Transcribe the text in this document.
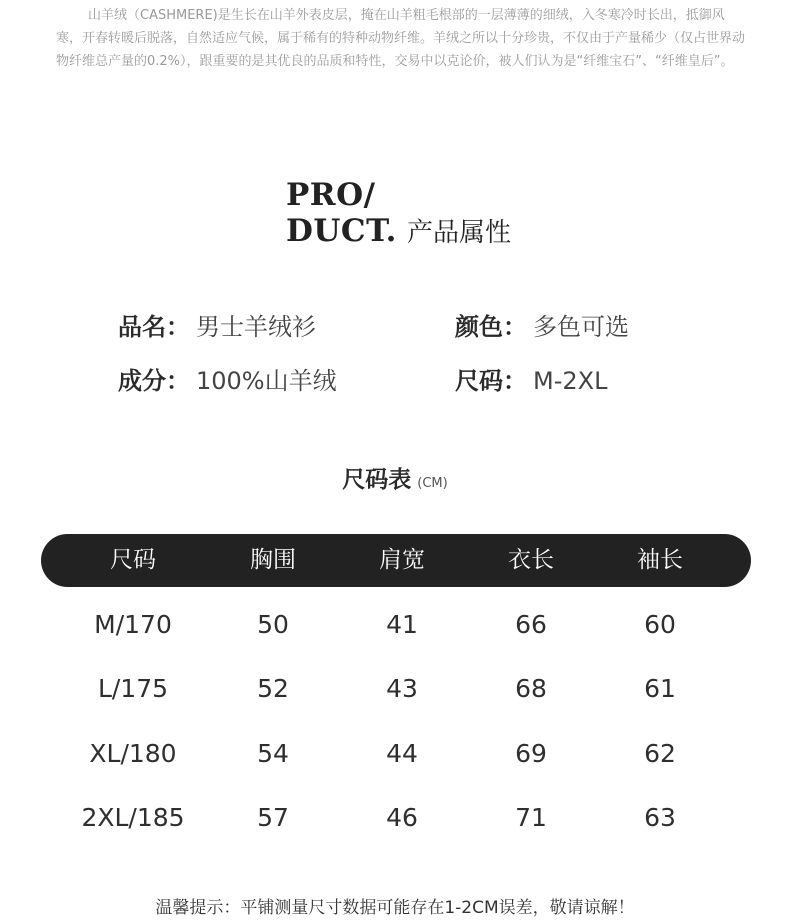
山羊绒（CASHMERE)是生长在山羊外表皮层，掩在山羊粗毛根部的一层薄薄的细绒，入冬寒冷时长出，抵御风寒，开春转暖后脱落，自然适应气候，属于稀有的特种动物纤维。羊绒之所以十分珍贵，不仅由于产量稀少（仅占世界动物纤维总产量的0.2%），跟重要的是其优良的品质和特性，交易中以克论价，被人们认为是“纤维宝石”、“纤维皇后”。

PRO/
DUCT. 产品属性
品名： 男士羊绒衫	颜色： 多色可选
成分： 100%山羊绒	尺码： M-2XL
尺码表 (CM)
尺码	胸围	肩宽	衣长	袖长
M/170	50	41	66	60
L/175	52	43	68	61
XL/180	54	44	69	62
2XL/185	57	46	71	63
温馨提示：平铺测量尺寸数据可能存在1-2CM误差，敬请谅解！
